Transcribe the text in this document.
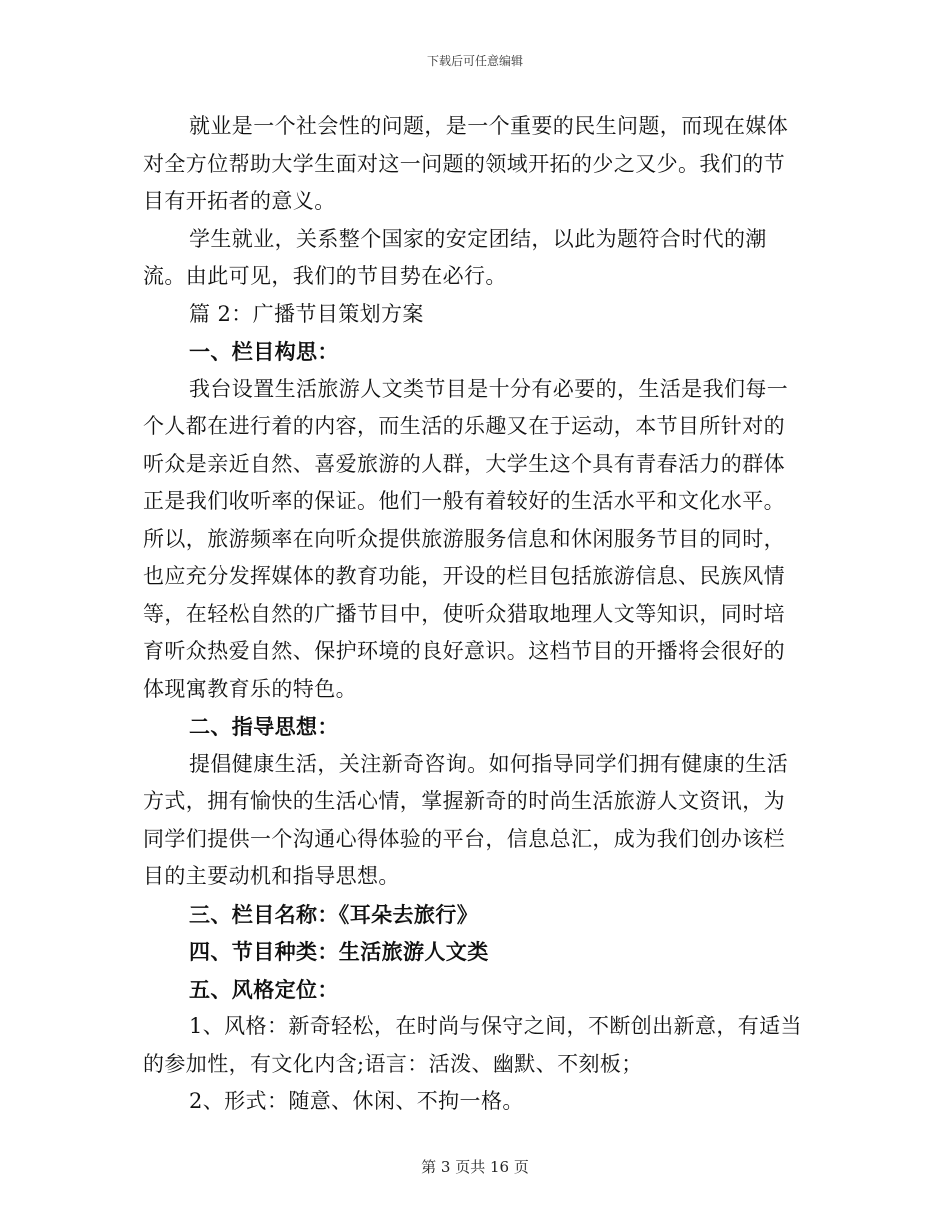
下载后可任意编辑

就业是一个社会性的问题，是一个重要的民生问题，而现在媒体对全方位帮助大学生面对这一问题的领域开拓的少之又少。我们的节目有开拓者的意义。

学生就业，关系整个国家的安定团结，以此为题符合时代的潮流。由此可见，我们的节目势在必行。

篇 2：广播节目策划方案

一、栏目构思：

我台设置生活旅游人文类节目是十分有必要的，生活是我们每一个人都在进行着的内容，而生活的乐趣又在于运动，本节目所针对的听众是亲近自然、喜爱旅游的人群，大学生这个具有青春活力的群体正是我们收听率的保证。他们一般有着较好的生活水平和文化水平。所以，旅游频率在向听众提供旅游服务信息和休闲服务节目的同时，也应充分发挥媒体的教育功能，开设的栏目包括旅游信息、民族风情等，在轻松自然的广播节目中，使听众猎取地理人文等知识，同时培育听众热爱自然、保护环境的良好意识。这档节目的开播将会很好的体现寓教育乐的特色。

二、指导思想：

提倡健康生活，关注新奇咨询。如何指导同学们拥有健康的生活方式，拥有愉快的生活心情，掌握新奇的时尚生活旅游人文资讯，为同学们提供一个沟通心得体验的平台，信息总汇，成为我们创办该栏目的主要动机和指导思想。

三、栏目名称：《耳朵去旅行》

四、节目种类：生活旅游人文类

五、风格定位：

1、风格：新奇轻松，在时尚与保守之间，不断创出新意，有适当的参加性，有文化内含;语言：活泼、幽默、不刻板；

2、形式：随意、休闲、不拘一格。

第 3 页共 16 页
